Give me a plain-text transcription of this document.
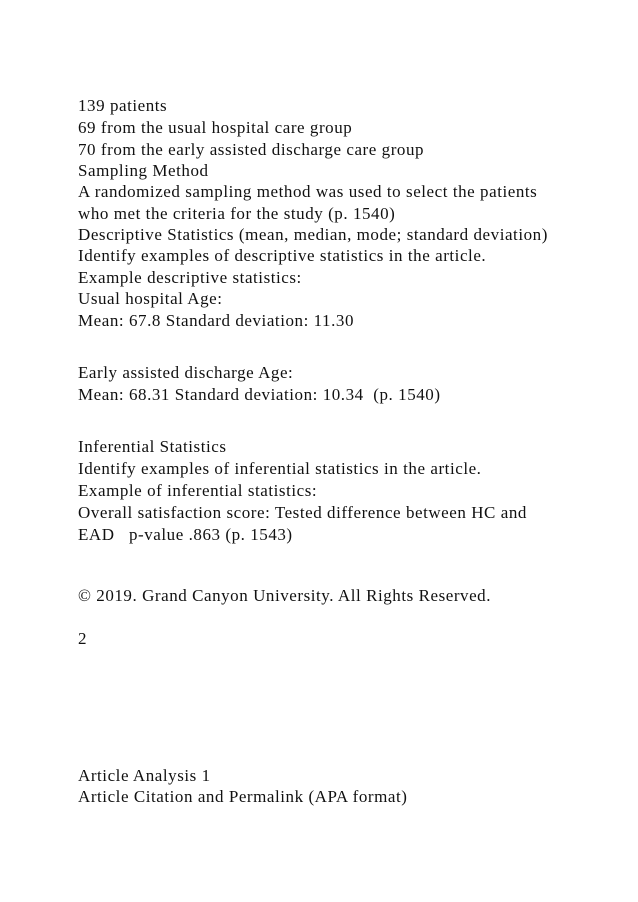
139 patients
69 from the usual hospital care group
70 from the early assisted discharge care group
Sampling Method
A randomized sampling method was used to select the patients
who met the criteria for the study (p. 1540)
Descriptive Statistics (mean, median, mode; standard deviation)
Identify examples of descriptive statistics in the article.
Example descriptive statistics:
Usual hospital Age:
Mean: 67.8 Standard deviation: 11.30
Early assisted discharge Age:
Mean: 68.31 Standard deviation: 10.34  (p. 1540)
Inferential Statistics
Identify examples of inferential statistics in the article.
Example of inferential statistics:
Overall satisfaction score: Tested difference between HC and
EAD   p-value .863 (p. 1543)
© 2019. Grand Canyon University. All Rights Reserved.
2
Article Analysis 1
Article Citation and Permalink (APA format)
